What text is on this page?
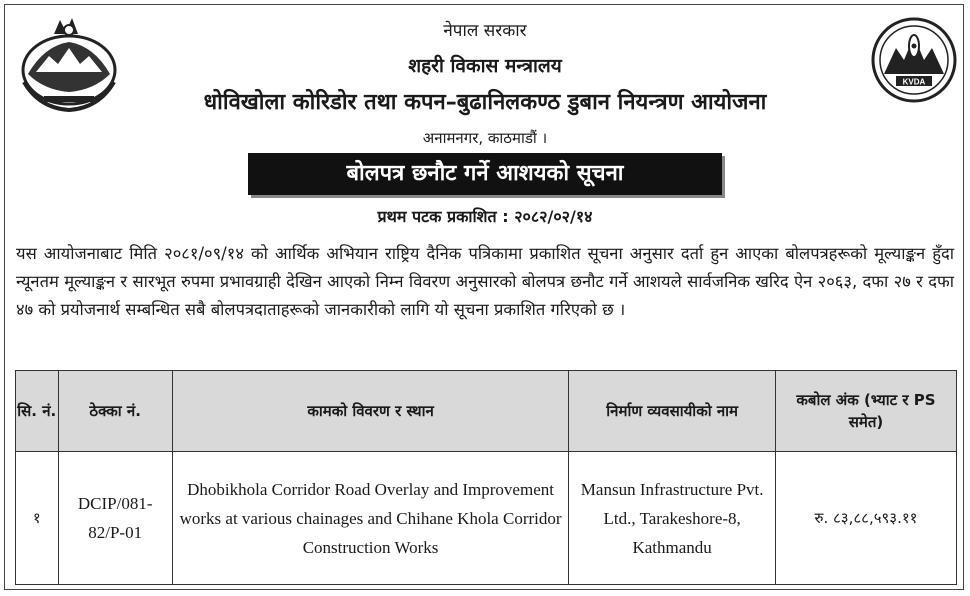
KVDA
नेपाल सरकार
शहरी विकास मन्त्रालय
धोविखोला कोरिडोर तथा कपन–बुढानिलकण्ठ डुबान नियन्त्रण आयोजना
अनामनगर, काठमाडौं ।
बोलपत्र छनौट गर्ने आशयको सूचना
प्रथम पटक प्रकाशित : २०८२/०२/१४
यस आयोजनाबाट मिति २०८१/०९/१४ को आर्थिक अभियान राष्ट्रिय दैनिक पत्रिकामा प्रकाशित सूचना अनुसार दर्ता हुन आएका बोलपत्रहरूको मूल्याङ्कन हुँदा न्यूनतम मूल्याङ्कन र सारभूत रुपमा प्रभावग्राही देखिन आएको निम्न विवरण अनुसारको बोलपत्र छनौट गर्ने आशयले सार्वजनिक खरिद ऐन २०६३, दफा २७ र दफा ४७ को प्रयोजनार्थ सम्बन्धित सबै बोलपत्रदाताहरूको जानकारीको लागि यो सूचना प्रकाशित गरिएको छ ।
सि. नं.	ठेक्का नं.	कामको विवरण र स्थान	निर्माण व्यवसायीको नाम	कबोल अंक (भ्याट र PS समेत)
१	DCIP/081-82/P-01	Dhobikhola Corridor Road Overlay and Improvement works at various chainages and Chihane Khola Corridor Construction Works	Mansun Infrastructure Pvt. Ltd., Tarakeshore-8, Kathmandu	रु. ८३,८८,५९३.११
